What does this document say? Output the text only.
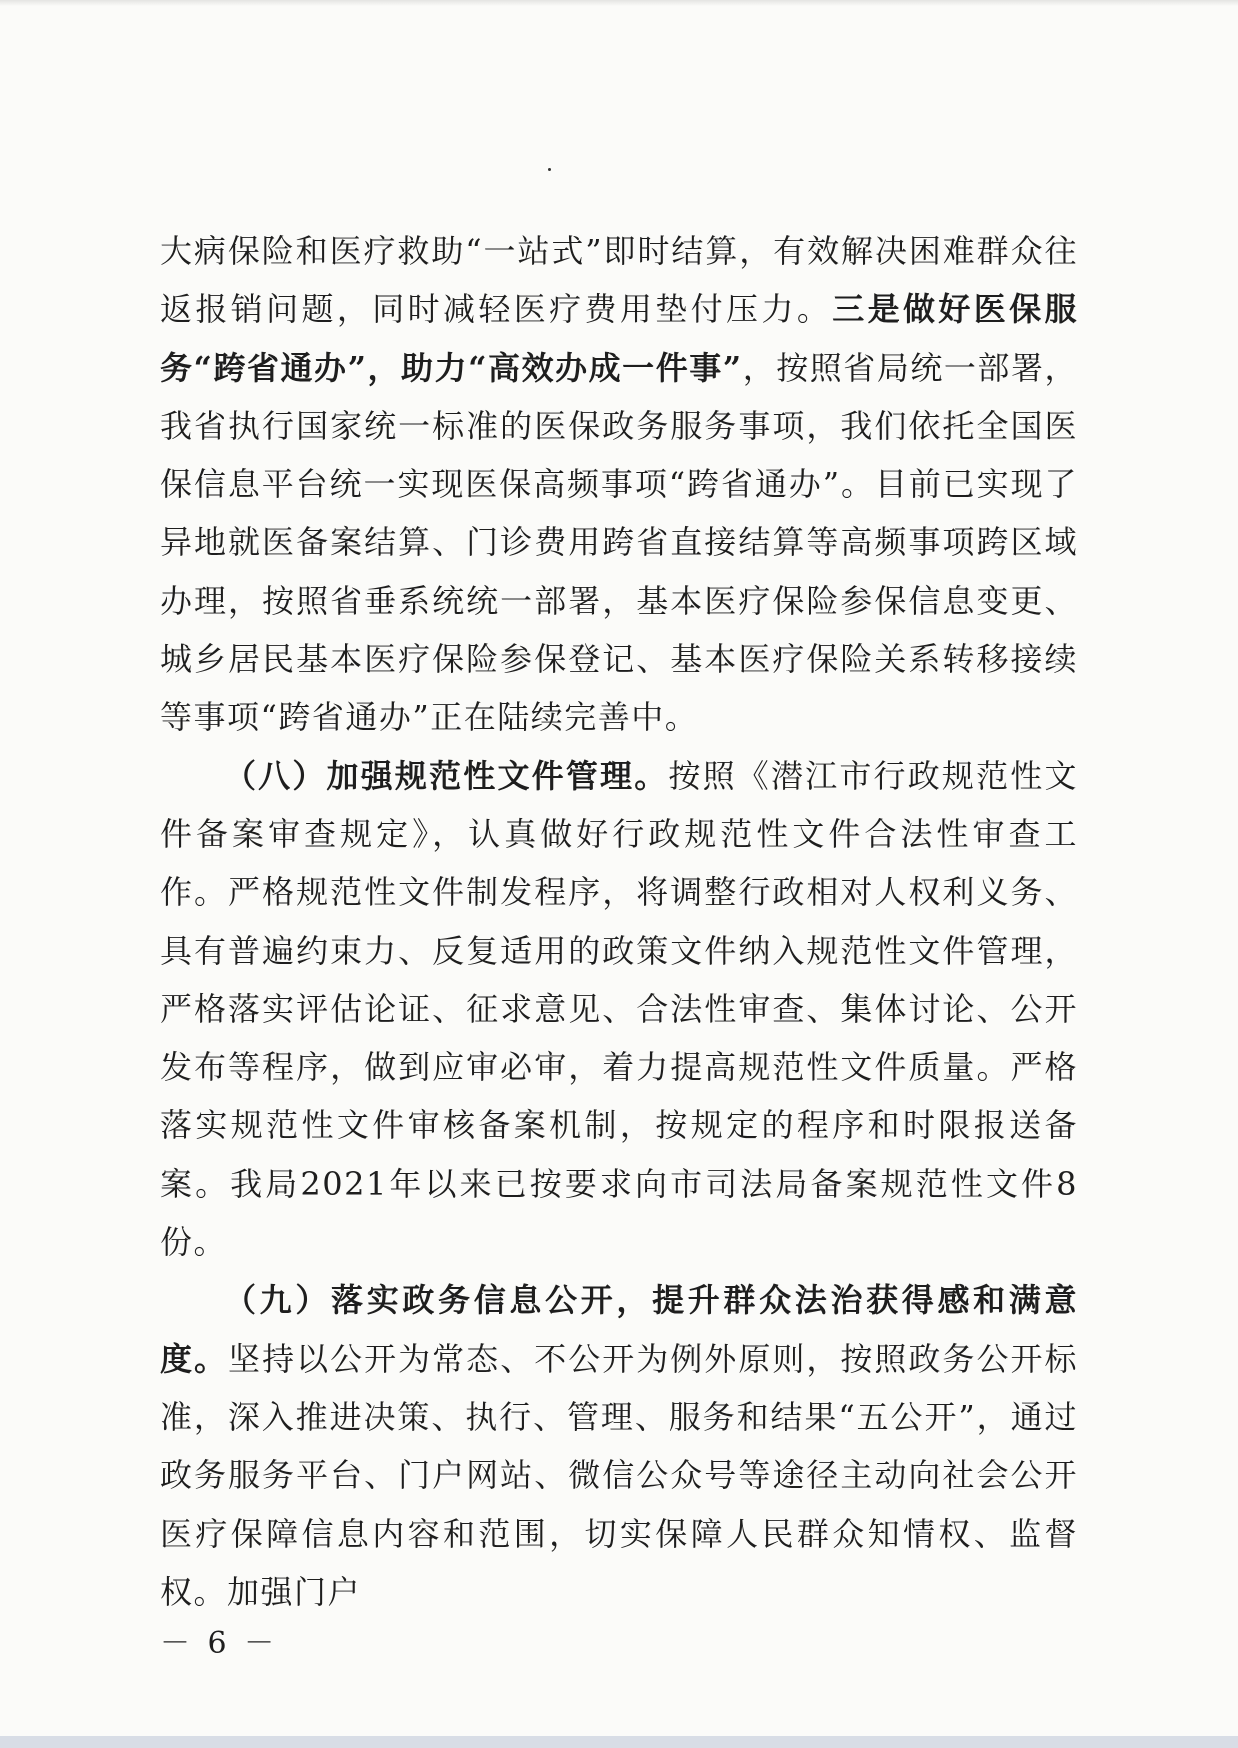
大病保险和医疗救助“一站式”即时结算，有效解决困难群众往返报销问题，同时减轻医疗费用垫付压力。三是做好医保服务“跨省通办”，助力“高效办成一件事”，按照省局统一部署，我省执行国家统一标准的医保政务服务事项，我们依托全国医保信息平台统一实现医保高频事项“跨省通办”。目前已实现了异地就医备案结算、门诊费用跨省直接结算等高频事项跨区域办理，按照省垂系统统一部署，基本医疗保险参保信息变更、城乡居民基本医疗保险参保登记、基本医疗保险关系转移接续等事项“跨省通办”正在陆续完善中。

（八）加强规范性文件管理。按照《潜江市行政规范性文件备案审查规定》，认真做好行政规范性文件合法性审查工作。严格规范性文件制发程序，将调整行政相对人权利义务、具有普遍约束力、反复适用的政策文件纳入规范性文件管理，严格落实评估论证、征求意见、合法性审查、集体讨论、公开发布等程序，做到应审必审，着力提高规范性文件质量。严格落实规范性文件审核备案机制，按规定的程序和时限报送备案。我局2021年以来已按要求向市司法局备案规范性文件8份。

（九）落实政务信息公开，提升群众法治获得感和满意度。坚持以公开为常态、不公开为例外原则，按照政务公开标准，深入推进决策、执行、管理、服务和结果“五公开”，通过政务服务平台、门户网站、微信公众号等途径主动向社会公开医疗保障信息内容和范围，切实保障人民群众知情权、监督权。加强门户

－ 6 －
